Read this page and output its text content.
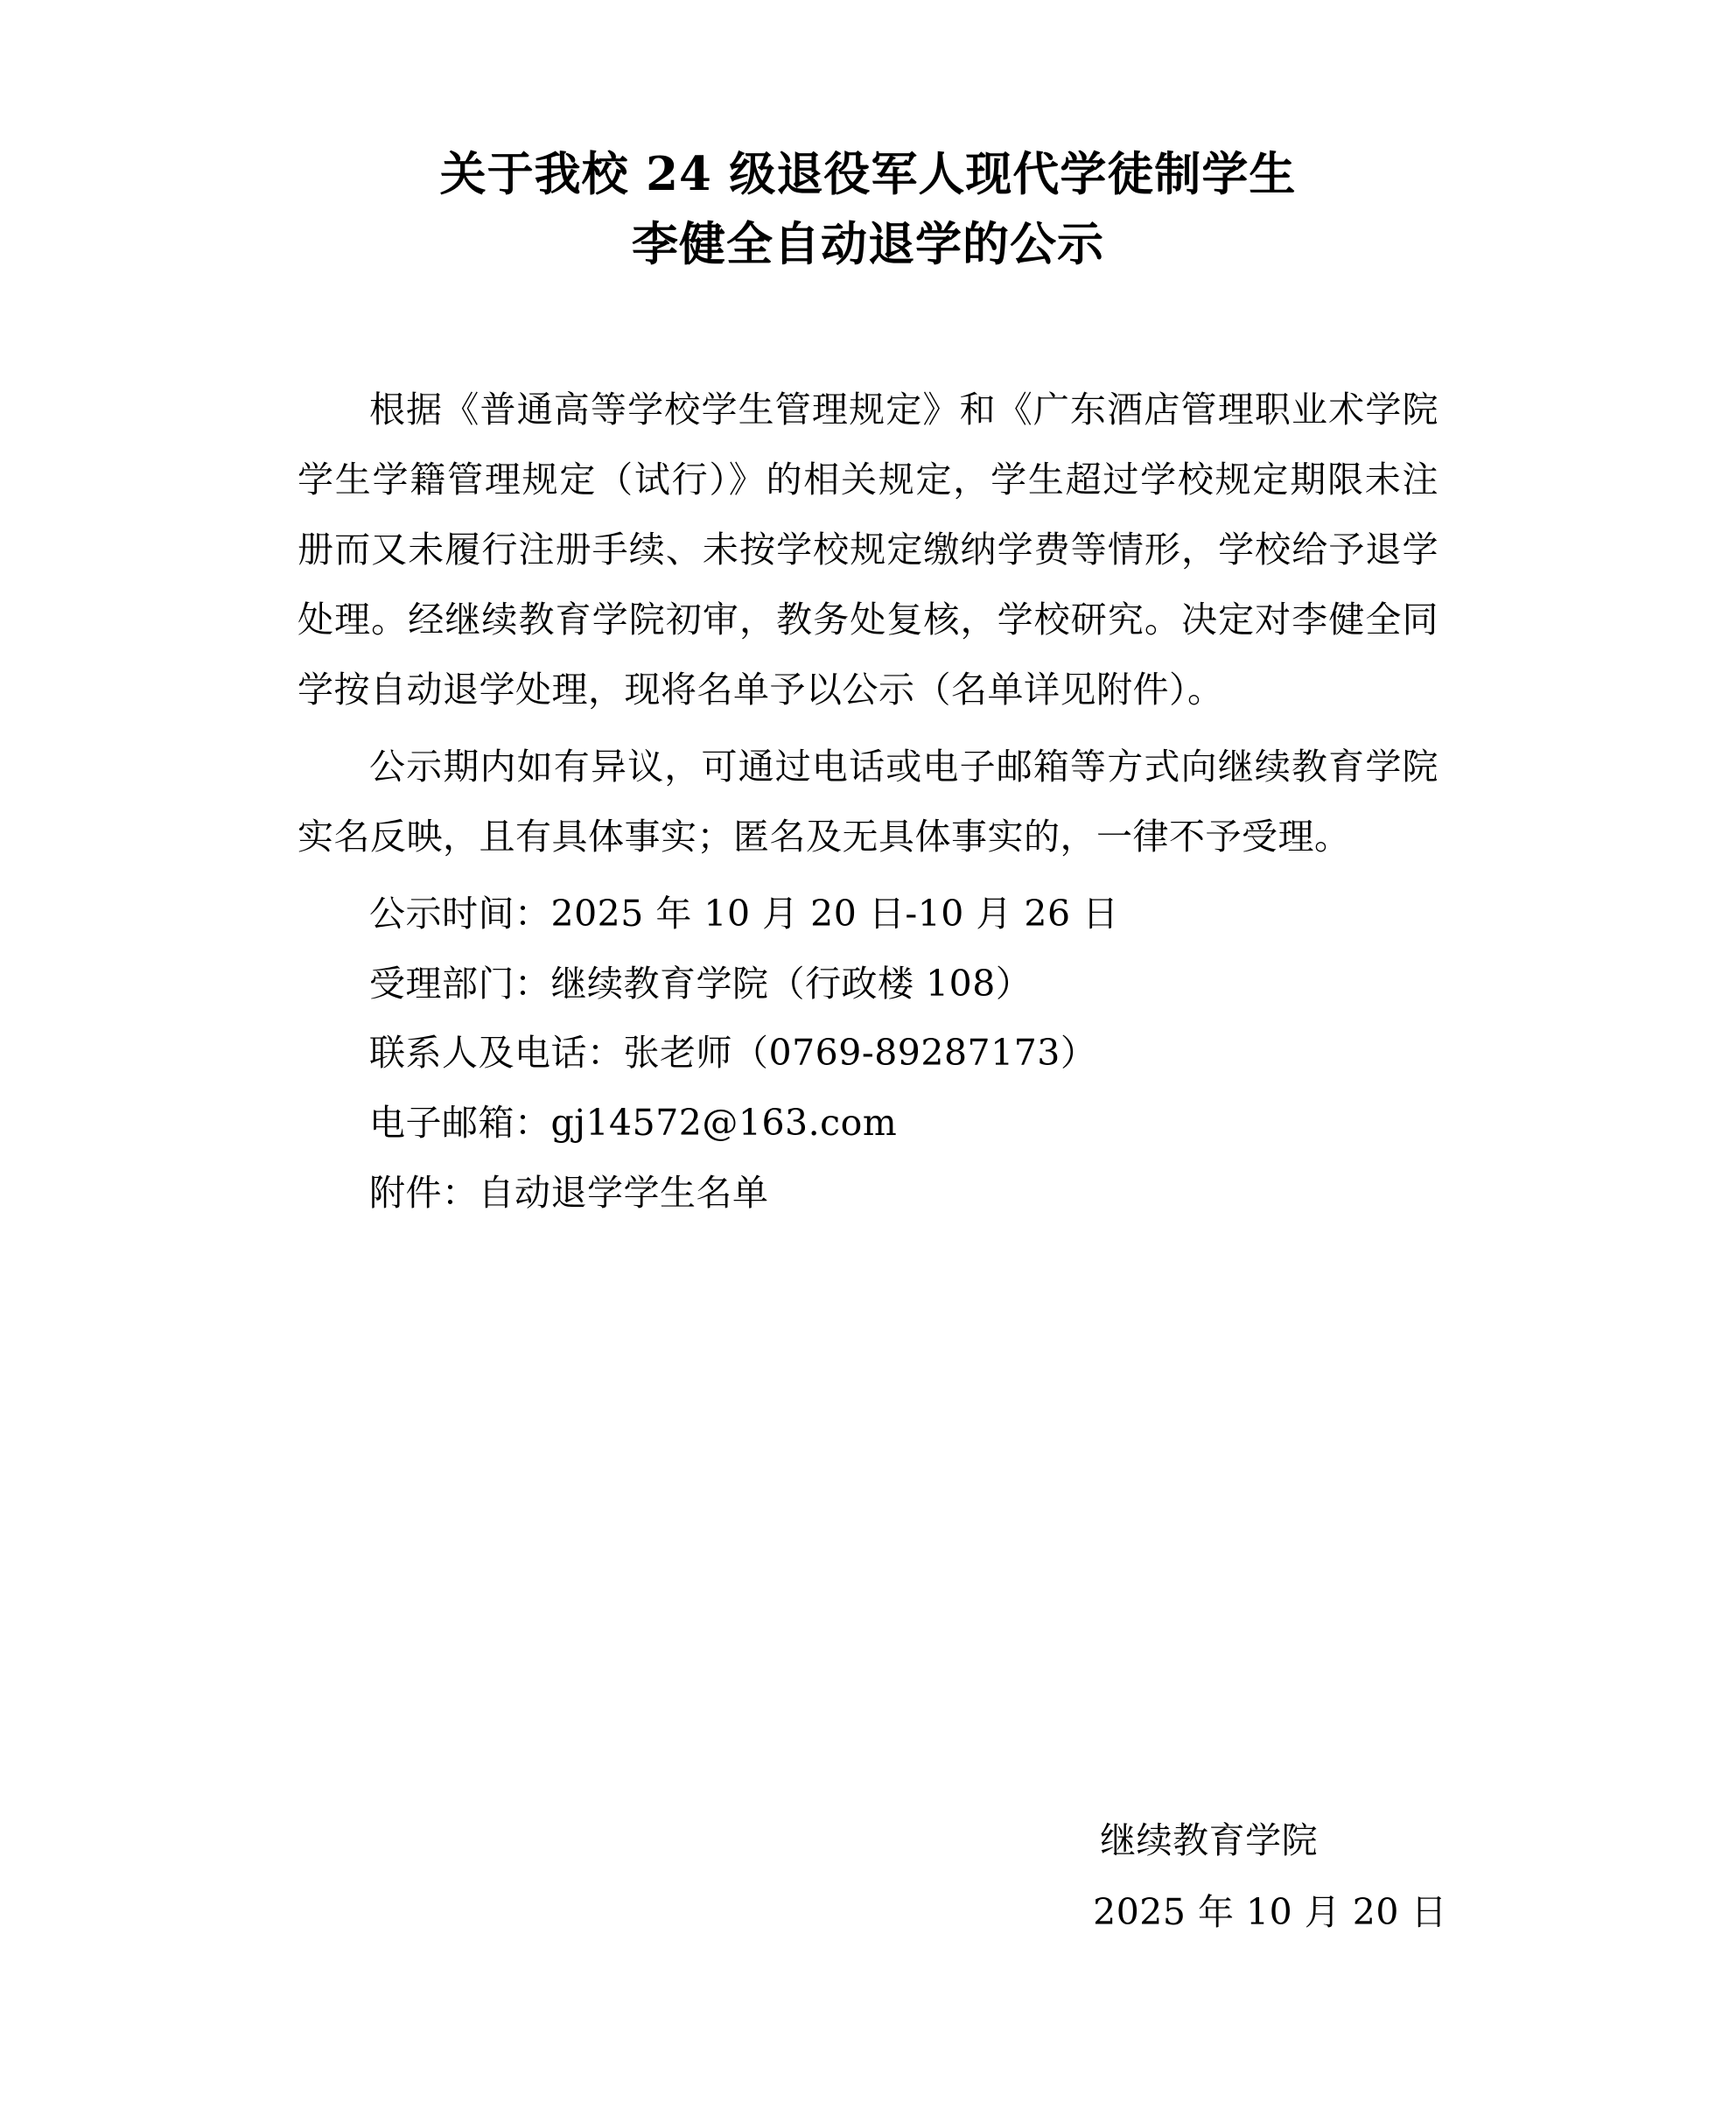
关于我校 24 级退役军人现代学徒制学生
李健全自动退学的公示

根据《普通高等学校学生管理规定》和《广东酒店管理职业术学院学生学籍管理规定（试行）》的相关规定，学生超过学校规定期限未注册而又未履行注册手续、未按学校规定缴纳学费等情形，学校给予退学处理。经继续教育学院初审，教务处复核，学校研究。决定对李健全同学按自动退学处理，现将名单予以公示（名单详见附件）。

公示期内如有异议，可通过电话或电子邮箱等方式向继续教育学院实名反映，且有具体事实；匿名及无具体事实的，一律不予受理。

公示时间：2025 年 10 月 20 日-10 月 26 日

受理部门：继续教育学院（行政楼 108）

联系人及电话：张老师（0769-89287173）

电子邮箱：gj14572@163.com

附件：自动退学学生名单

继续教育学院
2025 年 10 月 20 日
